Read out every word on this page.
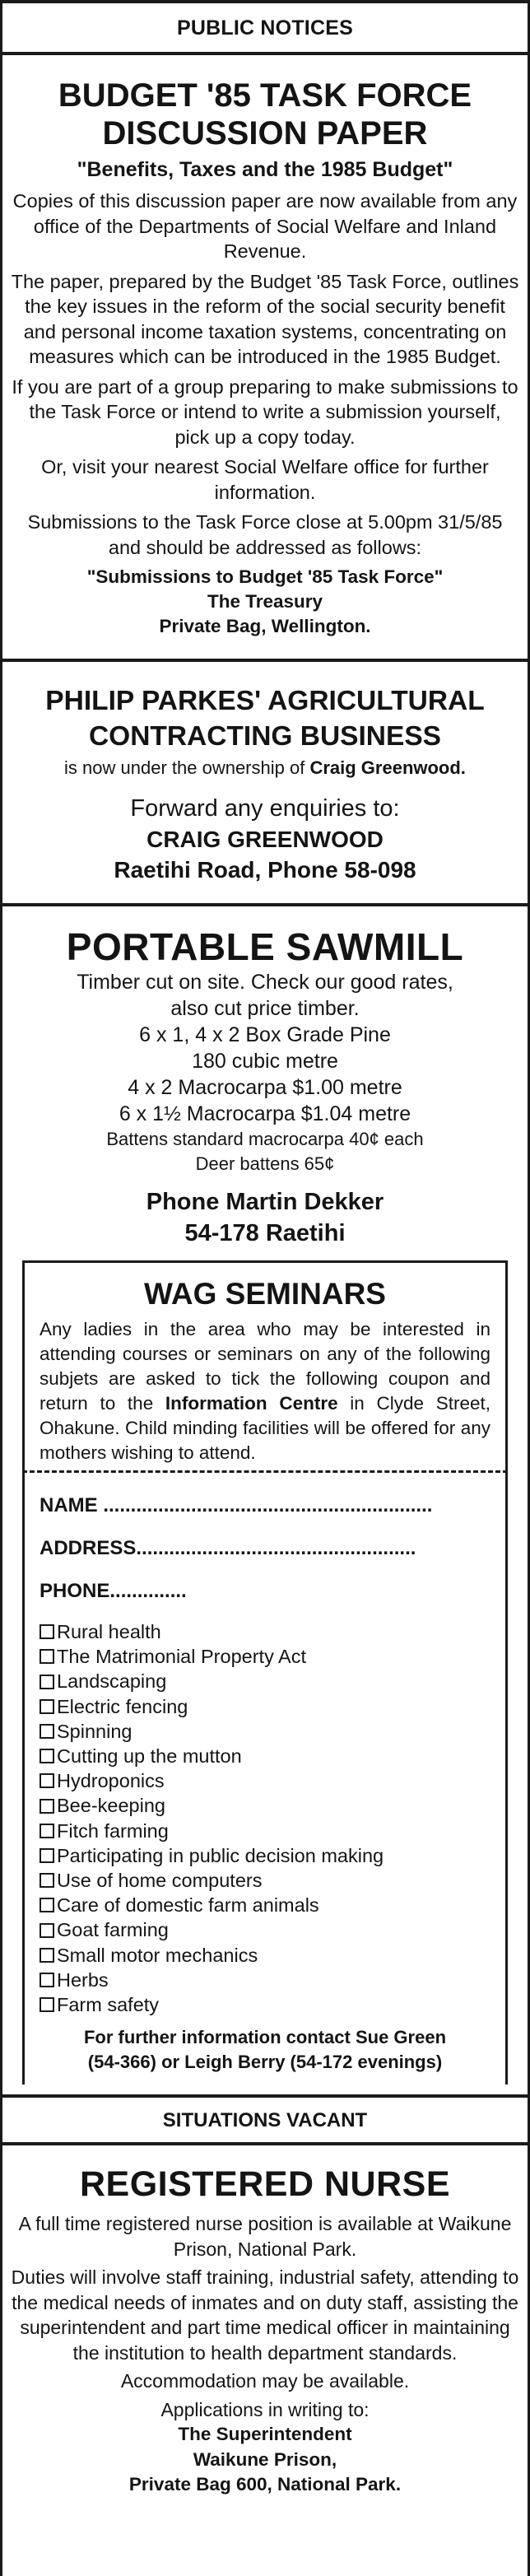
PUBLIC NOTICES
BUDGET '85 TASK FORCE
DISCUSSION PAPER
"Benefits, Taxes and the 1985 Budget"

Copies of this discussion paper are now available from any office of the Departments of Social Welfare and Inland Revenue.

The paper, prepared by the Budget '85 Task Force, outlines the key issues in the reform of the social security benefit and personal income taxation systems, concentrating on measures which can be introduced in the 1985 Budget.

If you are part of a group preparing to make submissions to the Task Force or intend to write a submission yourself, pick up a copy today.

Or, visit your nearest Social Welfare office for further information.

Submissions to the Task Force close at 5.00pm 31/5/85 and should be addressed as follows:

"Submissions to Budget '85 Task Force"
The Treasury
Private Bag, Wellington.
PHILIP PARKES' AGRICULTURAL
CONTRACTING BUSINESS
is now under the ownership of Craig Greenwood.
Forward any enquiries to:
CRAIG GREENWOOD
Raetihi Road, Phone 58-098
PORTABLE SAWMILL
Timber cut on site. Check our good rates,
also cut price timber.
6 x 1, 4 x 2 Box Grade Pine
180 cubic metre
4 x 2 Macrocarpa $1.00 metre
6 x 1½ Macrocarpa $1.04 metre
Battens standard macrocarpa 40¢ each
Deer battens 65¢
Phone Martin Dekker
54-178 Raetihi
WAG SEMINARS

Any ladies in the area who may be interested in attending courses or seminars on any of the following subjets are asked to tick the following coupon and return to the Information Centre in Clyde Street, Ohakune. Child minding facilities will be offered for any mothers wishing to attend.

NAME ............................................................
ADDRESS...................................................
PHONE..............
Rural health
The Matrimonial Property Act
Landscaping
Electric fencing
Spinning
Cutting up the mutton
Hydroponics
Bee-keeping
Fitch farming
Participating in public decision making
Use of home computers
Care of domestic farm animals
Goat farming
Small motor mechanics
Herbs
Farm safety
For further information contact Sue Green
(54-366) or Leigh Berry (54-172 evenings)
SITUATIONS VACANT
REGISTERED NURSE

A full time registered nurse position is available at Waikune Prison, National Park.

Duties will involve staff training, industrial safety, attending to the medical needs of inmates and on duty staff, assisting the superintendent and part time medical officer in maintaining the institution to health department standards.

Accommodation may be available.

Applications in writing to:

The Superintendent
Waikune Prison,
Private Bag 600, National Park.
